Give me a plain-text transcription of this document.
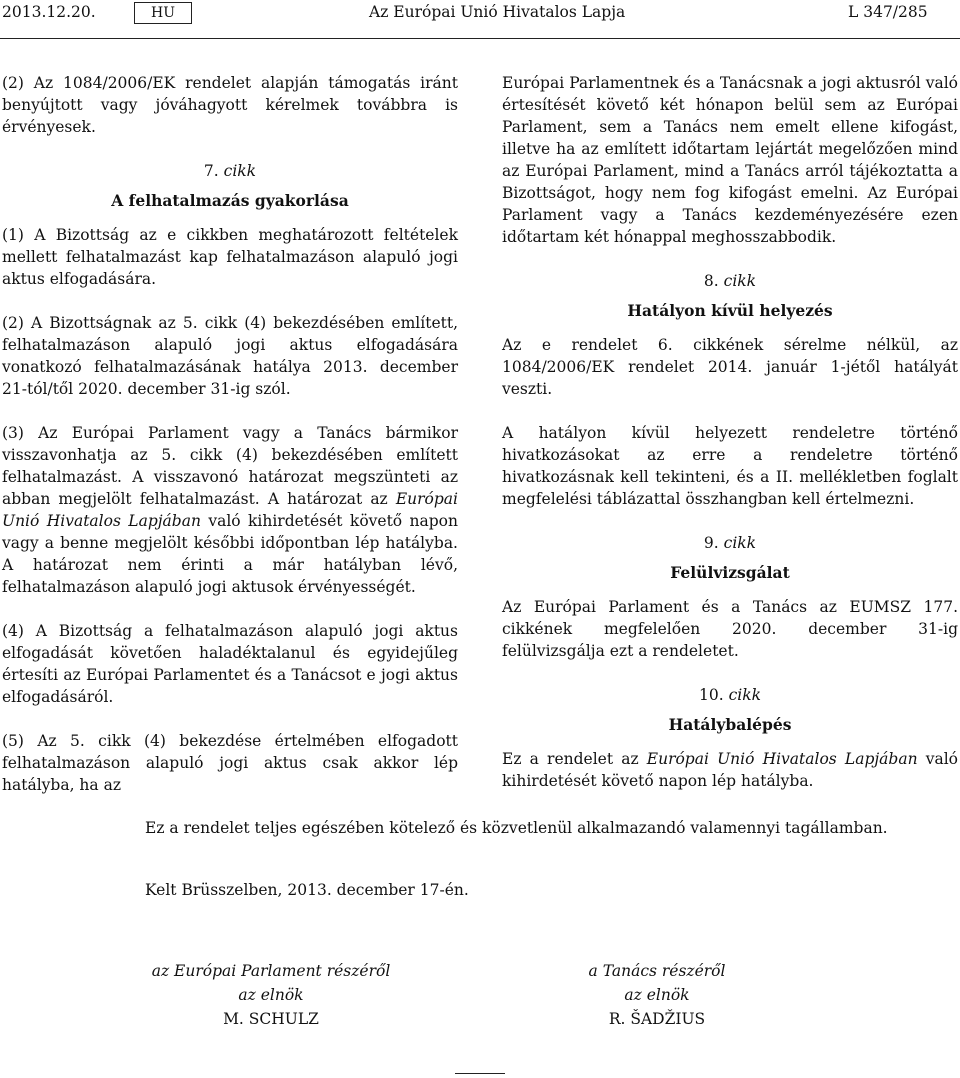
2013.12.20.	HU	Az Európai Unió Hivatalos Lapja	L 347/285

(2) Az 1084/2006/EK rendelet alapján támogatás iránt benyújtott vagy jóváhagyott kérelmek továbbra is érvényesek.

7. cikk

A felhatalmazás gyakorlása

(1) A Bizottság az e cikkben meghatározott feltételek mellett felhatalmazást kap felhatalmazáson alapuló jogi aktus elfogadására.

(2) A Bizottságnak az 5. cikk (4) bekezdésében említett, felhatalmazáson alapuló jogi aktus elfogadására vonatkozó felhatalmazásának hatálya 2013. december 21-tól/től 2020. december 31-ig szól.

(3) Az Európai Parlament vagy a Tanács bármikor visszavonhatja az 5. cikk (4) bekezdésében említett felhatalmazást. A visszavonó határozat megszünteti az abban megjelölt felhatalmazást. A határozat az Európai Unió Hivatalos Lapjában való kihirdetését követő napon vagy a benne megjelölt későbbi időpontban lép hatályba. A határozat nem érinti a már hatályban lévő, felhatalmazáson alapuló jogi aktusok érvényességét.

(4) A Bizottság a felhatalmazáson alapuló jogi aktus elfogadását követően haladéktalanul és egyidejűleg értesíti az Európai Parlamentet és a Tanácsot e jogi aktus elfogadásáról.

(5) Az 5. cikk (4) bekezdése értelmében elfogadott felhatalmazáson alapuló jogi aktus csak akkor lép hatályba, ha az

Európai Parlamentnek és a Tanácsnak a jogi aktusról való értesítését követő két hónapon belül sem az Európai Parlament, sem a Tanács nem emelt ellene kifogást, illetve ha az említett időtartam lejártát megelőzően mind az Európai Parlament, mind a Tanács arról tájékoztatta a Bizottságot, hogy nem fog kifogást emelni. Az Európai Parlament vagy a Tanács kezdeményezésére ezen időtartam két hónappal meghosszabbodik.

8. cikk

Hatályon kívül helyezés

Az e rendelet 6. cikkének sérelme nélkül, az 1084/2006/EK rendelet 2014. január 1-jétől hatályát veszti.

A hatályon kívül helyezett rendeletre történő hivatkozásokat az erre a rendeletre történő hivatkozásnak kell tekinteni, és a II. mellékletben foglalt megfelelési táblázattal összhangban kell értelmezni.

9. cikk

Felülvizsgálat

Az Európai Parlament és a Tanács az EUMSZ 177. cikkének megfelelően 2020. december 31-ig felülvizsgálja ezt a rendeletet.

10. cikk

Hatálybalépés

Ez a rendelet az Európai Unió Hivatalos Lapjában való kihirdetését követő napon lép hatályba.

Ez a rendelet teljes egészében kötelező és közvetlenül alkalmazandó valamennyi tagállamban.

Kelt Brüsszelben, 2013. december 17-én.

az Európai Parlament részéről
az elnök
M. SCHULZ
a Tanács részéről
az elnök
R. ŠADŽIUS
